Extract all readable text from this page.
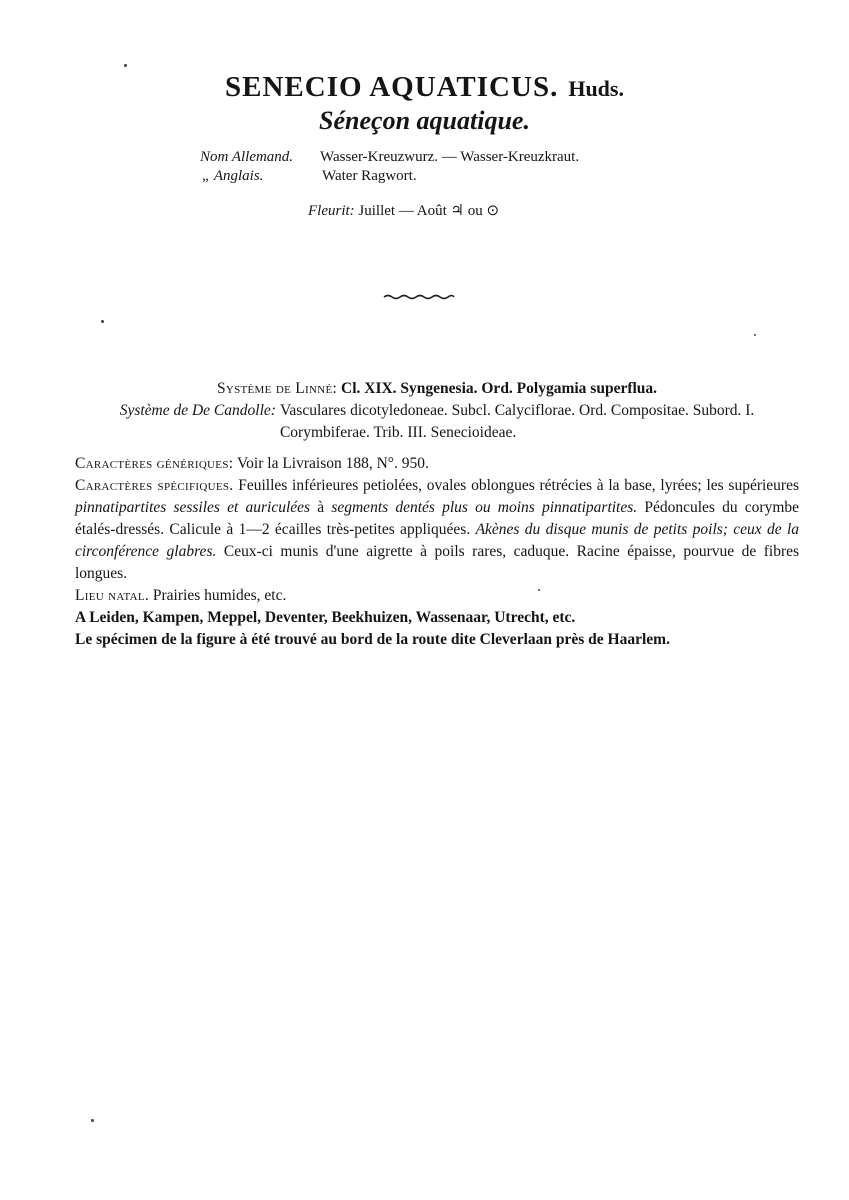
SENECIO AQUATICUS. Huds.
Séneçon aquatique.
Nom Allemand. Wasser-Kreuzwurz. — Wasser-Kreuzkraut.
„ Anglais.	Water Ragwort.
Fleurit: Juillet — Août ♃ ou ⊙
Système de Linné: Cl. XIX. Syngenesia. Ord. Polygamia superflua.
Système de De Candolle: Vasculares dicotyledoneae. Subcl. Calyciflorae. Ord. Compositae. Subord. I.
Corymbiferae. Trib. III. Senecioideae.

Caractères génériques: Voir la Livraison 188, N°. 950.

Caractères spécifiques. Feuilles inférieures petiolées, ovales oblongues rétrécies à la base, lyrées; les supérieures pinnatipartites sessiles et auriculées à segments dentés plus ou moins pinnatipartites. Pédoncules du corymbe étalés-dressés. Calicule à 1—2 écailles très-petites appliquées. Akènes du disque munis de petits poils; ceux de la circonférence glabres. Ceux-ci munis d'une aigrette à poils rares, caduque. Racine épaisse, pourvue de fibres longues.

Lieu natal. Prairies humides, etc.

A Leiden, Kampen, Meppel, Deventer, Beekhuizen, Wassenaar, Utrecht, etc.

Le spécimen de la figure à été trouvé au bord de la route dite Cleverlaan près de Haarlem.
